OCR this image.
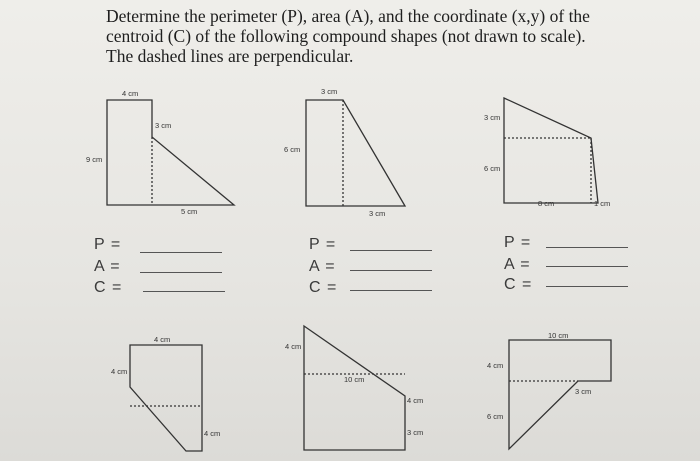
Determine the perimeter (P), area (A), and the coordinate (x,y) of the
centroid (C) of the following compound shapes (not drawn to scale).
The dashed lines are perpendicular.
4 cm
3 cm
9 cm
5 cm
3 cm
6 cm
3 cm
3 cm
6 cm
8 cm	1 cm
4 cm
4 cm
4 cm
4 cm
10 cm
4 cm
3 cm
10 cm
4 cm
3 cm
6 cm
P =
A =
C =
P =
A =
C =
P =
A =
C =
